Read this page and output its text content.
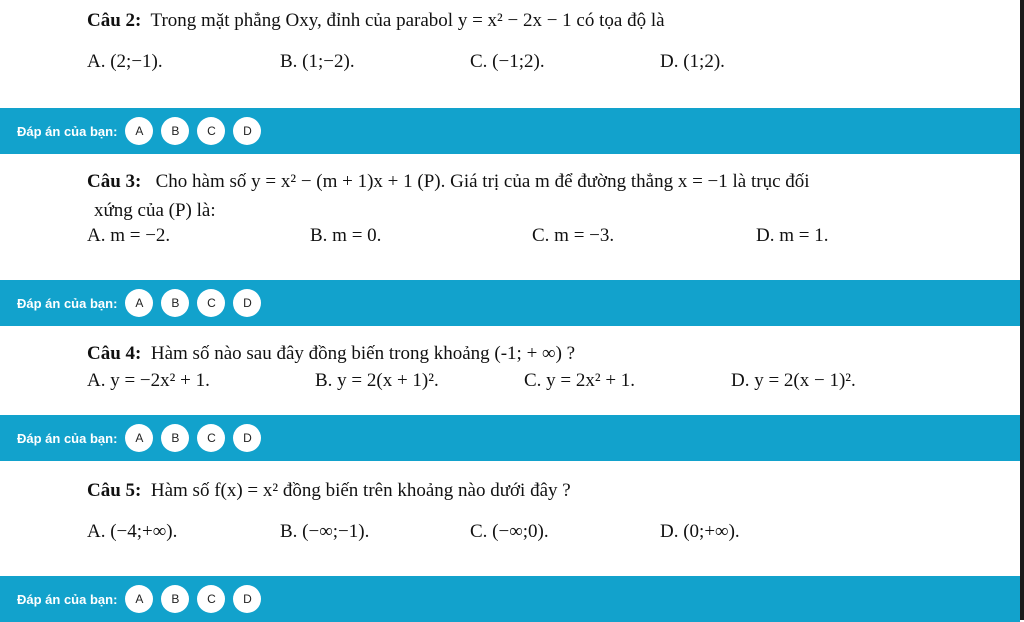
Câu 2: Trong mặt phẳng Oxy, đỉnh của parabol y = x² − 2x − 1 có tọa độ là
A. (2;−1).	B. (1;−2).	C. (−1;2).	D. (1;2).
Đáp án của bạn:	A	B	C	D
Câu 3: Cho hàm số y = x² − (m + 1)x + 1 (P). Giá trị của m để đường thẳng x = −1 là trục đối
xứng của (P) là:
A. m = −2.	B. m = 0.	C. m = −3.	D. m = 1.
Đáp án của bạn:	A	B	C	D
Câu 4: Hàm số nào sau đây đồng biến trong khoảng (-1; + ∞) ?
A. y = −2x² + 1.	B. y = 2(x + 1)².	C. y = 2x² + 1.	D. y = 2(x − 1)².
Đáp án của bạn:	A	B	C	D
Câu 5: Hàm số f(x) = x² đồng biến trên khoảng nào dưới đây ?
A. (−4;+∞).	B. (−∞;−1).	C. (−∞;0).	D. (0;+∞).
Đáp án của bạn:	A	B	C	D
